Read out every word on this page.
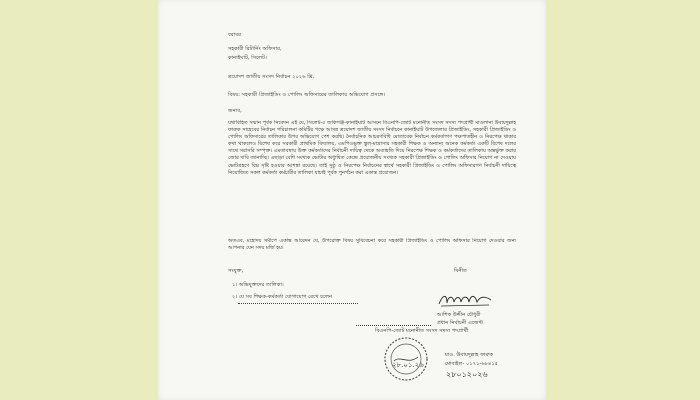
বরাবর
সহকারী রিটার্নিং অফিসার,
কানাইঘাট, সিলেট।
ত্রয়োদশ জাতীয় সংসদ নির্বাচন ২০২৬ খ্রি.
বিষয়: সহকারী প্রিজাইডিং ও পোলিং অফিসারের তালিকায় অভিযোগ প্রসঙ্গে।
জনাব,
যথাবিহিত সম্মান পূর্বক নিবেদন এই যে, সিলেট-৫ জকিগঞ্জ-কানাইঘাট আসনে বিএনপি-জোট মনোনীত সংসদ সদস্য পদপ্রার্থী মাওলানা উবায়দুল্লাহ ফারুক সাহেবের নির্বাচন পরিচালনা কমিটির পক্ষে আসন্ন ত্রয়োদশ জাতীয় সংসদ নির্বাচনে কানাইঘাট উপজেলার প্রিজাইডিং, সহকারী প্রিজাইডিং ও পোলিং অফিসারের তালিকার উপর অভিযোগ পেশ করছি। নৈর্বাচনিক আচরণবিধি মোতাবেক নির্বাচন কর্মকর্তাগণ পক্ষপাতহীন ও নিরপেক্ষ থাকার কথা থাকলেও বিশেষ করে সরকারী প্রাথমিক বিদ্যালয়, এমপিওভুক্ত স্কুল-মাদ্রাসার সহকারী শিক্ষক ও অন্যান্য অনেক কর্মকর্তা একটি বিশেষ দলের সাথে সরাসরি সম্পৃক্ত। এমতাবস্থায় উক্ত কর্মকর্তাদের নির্বাচনী দায়িত্ব থেকে অব্যাহতি দিয়ে নিরপেক্ষ শিক্ষক ও কর্মকর্তাদের তালিকায় অন্তর্ভুক্ত করার জোর দাবি জানাচ্ছি। এছাড়া বেশি সংখ্যক ভোটার অধ্যুষিত কেন্দ্রে প্রয়োজনীয় সংখ্যক সহকারী প্রিজাইডিং ও পোলিং অফিসার নিয়োগ না দেওয়ায় ভোটগ্রহণে বিঘ্ন সৃষ্টি হওয়ার আশঙ্কা রয়েছে। তাই সুষ্ঠু ও নিরপেক্ষ নির্বাচনের স্বার্থে সহকারী প্রিজাইডিং ও পোলিং অফিসারগণ নির্বাচনী দায়িত্বে নিয়োজিত সকল কর্মকর্তা কর্মচারীর তালিকা যাচাই পূর্বক পুনর্গঠন করা একান্ত প্রয়োজন।
অতএব, মহোদয় সমীপে একান্ত আবেদন যে, উপরোক্ত বিষয় সুবিবেচনা করে সহকারী প্রিজাইডিং ও পোলিং অফিসার নিয়োগ দেওয়ার জন্য আপনার যেন সদয় মর্জি হয়।
সংযুক্ত,
১। অভিযুক্তদের তালিকা।
২। যে সব শিক্ষক-কর্মকর্তা যোগাযোগ রেখে চলেন
বিনীত
আশিক উদ্দীন চৌধুরী
প্রধান নির্বাচনী এজেন্ট
বিএনপি-জোট মনোনীত সংসদ সদস্য পদপ্রার্থী
মাও. উবায়দুল্লাহ ফারুক
মোবাইল- ০১৭১-৬৮৪১৫
২৮০১২০২৬
২৮.০১.২৬
